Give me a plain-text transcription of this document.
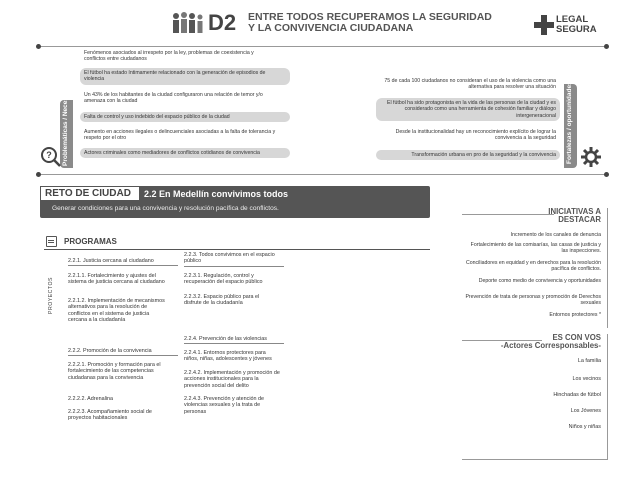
D2 ENTRE TODOS RECUPERAMOS LA SEGURIDAD
Y LA CONVIVENCIA CIUDADANA
LEGAL
SEGURA
Problemáticas / Necesidades
?
Fenómenos asociados al irrespeto por la ley, problemas de coexistencia y conflictos entre ciudadanos
El fútbol ha estado íntimamente relacionado con la generación de episodios de violencia
Un 43% de los habitantes de la ciudad configuraron una relación de temor y/o amenaza con la ciudad
Falta de control y uso indebido del espacio público de la ciudad
Aumento en acciones ilegales o delincuenciales asociadas a la falta de tolerancia y respeto por el otro
Actores criminales como mediadores de conflictos cotidianos de convivencia
75 de cada 100 ciudadanos no consideran el uso de la violencia como una alternativa para resolver una situación
El fútbol ha sido protagonista en la vida de las personas de la ciudad y es considerado como una herramienta de cohesión familiar y diálogo intergeneracional
Desde la institucionalidad hay un reconocimiento explícito de lograr la convivencia a la seguridad
Transformación urbana en pro de la seguridad y la convivencia	Fortalezas / oportunidades
RETO DE CIUDAD 2.2 En Medellín convivimos todos
Generar condiciones para una convivencia y resolución pacífica de conflictos.
PROGRAMAS
PROYECTOS
2.2.1. Justicia cercana al ciudadano
2.2.1.1. Fortalecimiento y ajustes del sistema de justicia cercana al ciudadano
2.2.1.2. Implementación de mecanismos alternativos para la resolución de conflictos en el sistema de justicia cercana a la ciudadanía
2.2.2. Promoción de la convivencia
2.2.2.1. Promoción y formación para el fortalecimiento de las competencias ciudadanas para la convivencia
2.2.2.2. Adrenalina
2.2.2.3. Acompañamiento social de proyectos habitacionales
2.2.3. Todos convivimos en el espacio público
2.2.3.1. Regulación, control y recuperación del espacio público
2.2.3.2. Espacio público para el disfrute de la ciudadanía
2.2.4. Prevención de las violencias
2.2.4.1. Entornos protectores para niños, niñas, adolescentes y jóvenes
2.2.4.2. Implementación y promoción de acciones institucionales para la prevención social del delito
2.2.4.3. Prevención y atención de violencias sexuales y la trata de personas
INICIATIVAS A
DESTACAR
Incremento de los canales de denuncia
Fortalecimiento de las comisarías, las casas de justicia y las inspecciones.
Conciliadores en equidad y en derechos para la resolución pacífica de conflictos.
Deporte como medio de convivencia y oportunidades
Prevención de trata de personas y promoción de Derechos sexuales
Entornos protectores *
ES CON VOS
-Actores Corresponsables-
La familia
Los vecinos
Hinchadas de fútbol
Los Jóvenes
Niños y niñas
